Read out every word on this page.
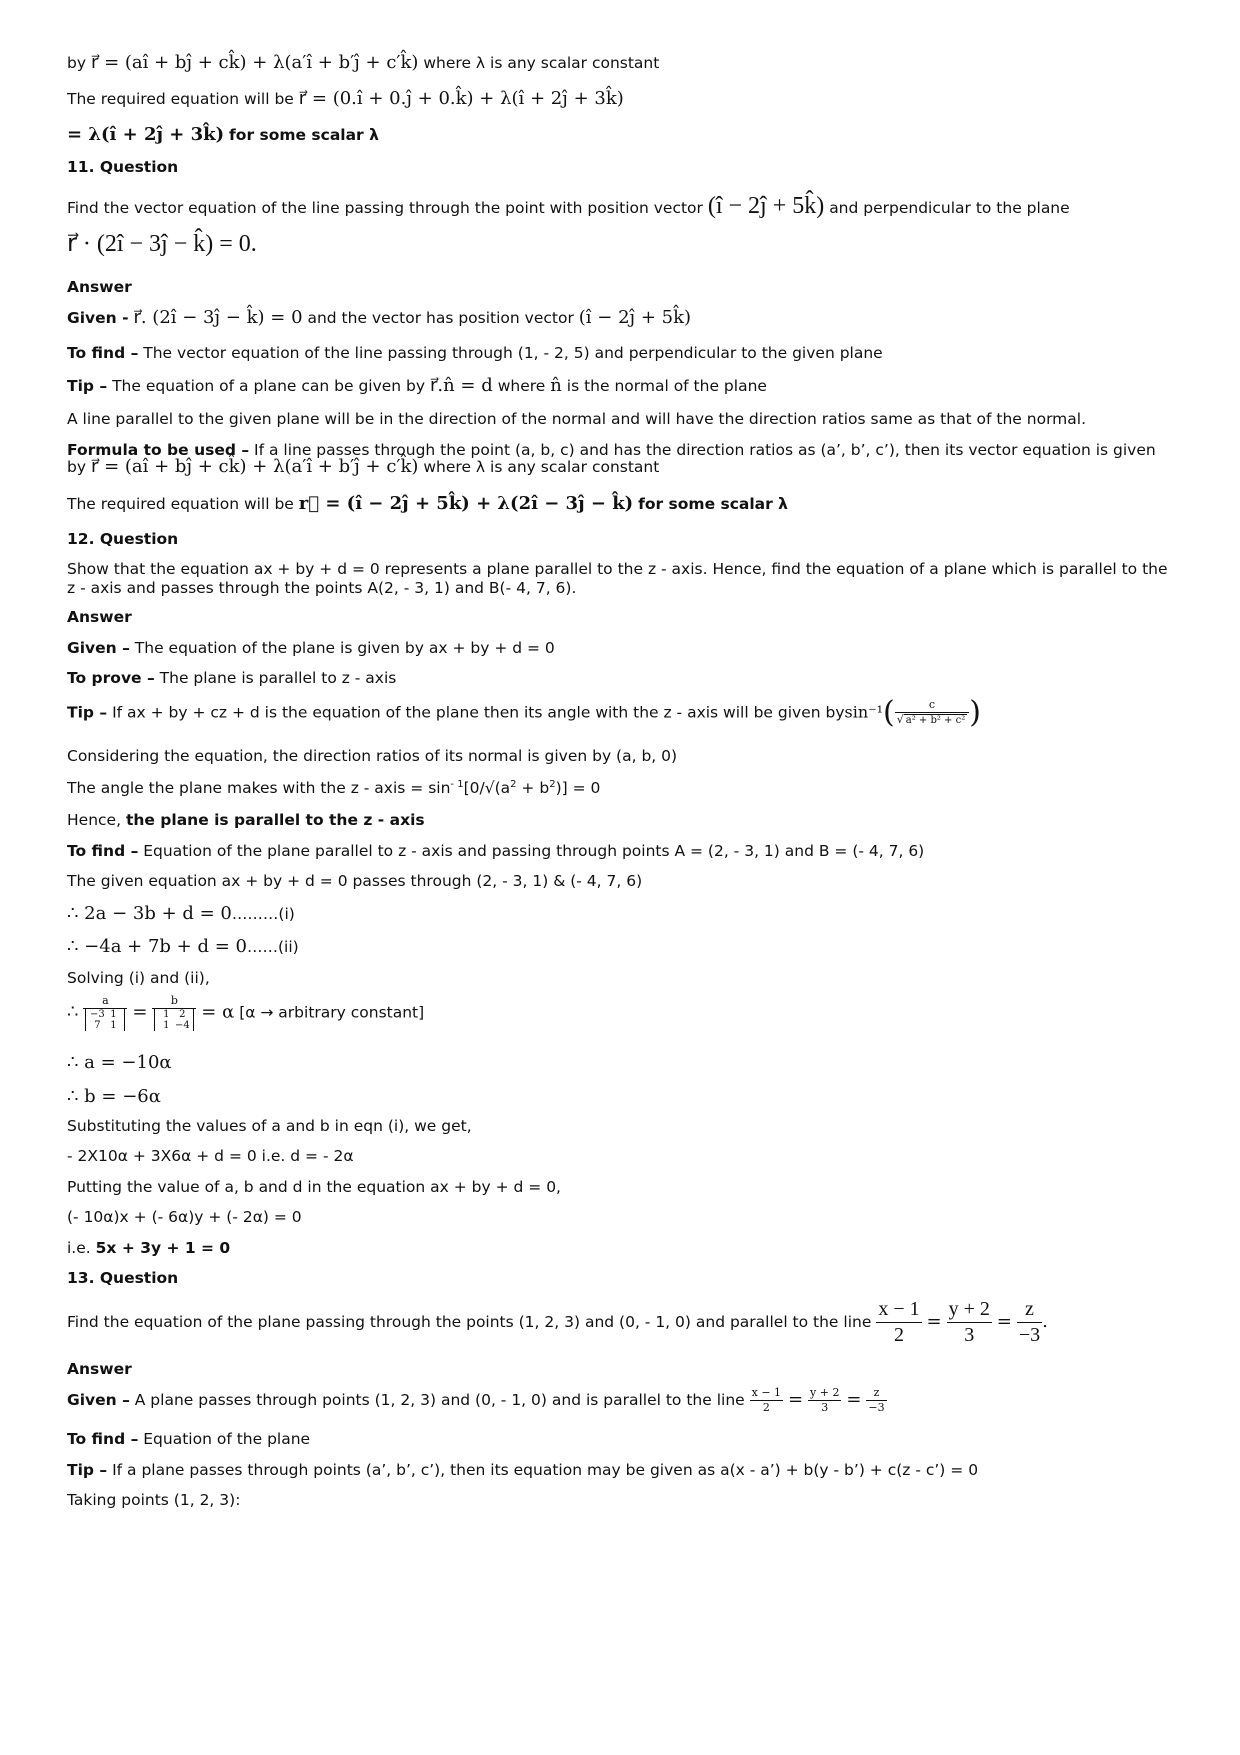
by r⃗ = (aî + bĵ + ck̂) + λ(a′î + b′ĵ + c′k̂) where λ is any scalar constant
The required equation will be r⃗ = (0.î + 0.ĵ + 0.k̂) + λ(î + 2ĵ + 3k̂)
= λ(î + 2ĵ + 3k̂) for some scalar λ
11. Question
Find the vector equation of the line passing through the point with position vector (î − 2ĵ + 5k̂) and perpendicular to the plane
r⃗ · (2î − 3ĵ − k̂) = 0.
Answer
Given - r⃗. (2î − 3ĵ − k̂) = 0 and the vector has position vector (î − 2ĵ + 5k̂)
To find – The vector equation of the line passing through (1, - 2, 5) and perpendicular to the given plane
Tip – The equation of a plane can be given by r⃗.n̂ = d where n̂ is the normal of the plane
A line parallel to the given plane will be in the direction of the normal and will have the direction ratios same as that of the normal.
Formula to be used – If a line passes through the point (a, b, c) and has the direction ratios as (a’, b’, c’), then its vector equation is given
by r⃗ = (aî + bĵ + ck̂) + λ(a′î + b′ĵ + c′k̂) where λ is any scalar constant
The required equation will be r⃗ = (î − 2ĵ + 5k̂) + λ(2î − 3ĵ − k̂) for some scalar λ
12. Question
Show that the equation ax + by + d = 0 represents a plane parallel to the z - axis. Hence, find the equation of a plane which is parallel to the z - axis and passes through the points A(2, - 3, 1) and B(- 4, 7, 6).
Answer
Given – The equation of the plane is given by ax + by + d = 0
To prove – The plane is parallel to z - axis
Tip – If ax + by + cz + d is the equation of the plane then its angle with the z - axis will be given $bysin^{-1}( \frac{c}{\text{√ a² + b² + c²}}$ )
Considering the equation, the direction ratios of its normal is given by (a, b, 0)
The angle the plane makes with the z - axis = $\sin^{- 1}[0/√(a^2 + b^2)] = 0$
Hence, the plane is parallel to the z - axis
To find – Equation of the plane parallel to z - axis and passing through points A = (2, - 3, 1) and B = (- 4, 7, 6)
The given equation ax + by + d = 0 passes through (2, - 3, 1) & (- 4, 7, 6)
∴ 2a − 3b + d = 0………(i)
∴ −4a + 7b + d = 0……(ii)
Solving (i) and (ii),
∴ a
−3 1
7 1 = b
1 2
1 −4 = α [α → arbitrary constant]
∴ a = −10α
∴ b = −6α
Substituting the values of a and b in eqn (i), we get,
- 2X10α + 3X6α + d = 0 i.e. d = - 2α
Putting the value of a, b and d in the equation ax + by + d = 0,
(- 10α)x + (- 6α)y + (- 2α) = 0
i.e. 5x + 3y + 1 = 0
13. Question
Find the equation of the plane passing through the points (1, 2, 3) and (0, - 1, 0) and parallel to the line $\frac{x - 1}{2} = \frac{y + 2}{3} = \frac{z}{-3}$ .
Answer
Given – A plane passes through points (1, 2, 3) and (0, - 1, 0) and is parallel to the line $\frac{x - 1}{2} = \frac{y + 2}{3} = \frac{z}{-3}$
To find – Equation of the plane
Tip – If a plane passes through points (a’, b’, c’), then its equation may be given as a(x - a’) + b(y - b’) + c(z - c’) = 0
Taking points (1, 2, 3):
